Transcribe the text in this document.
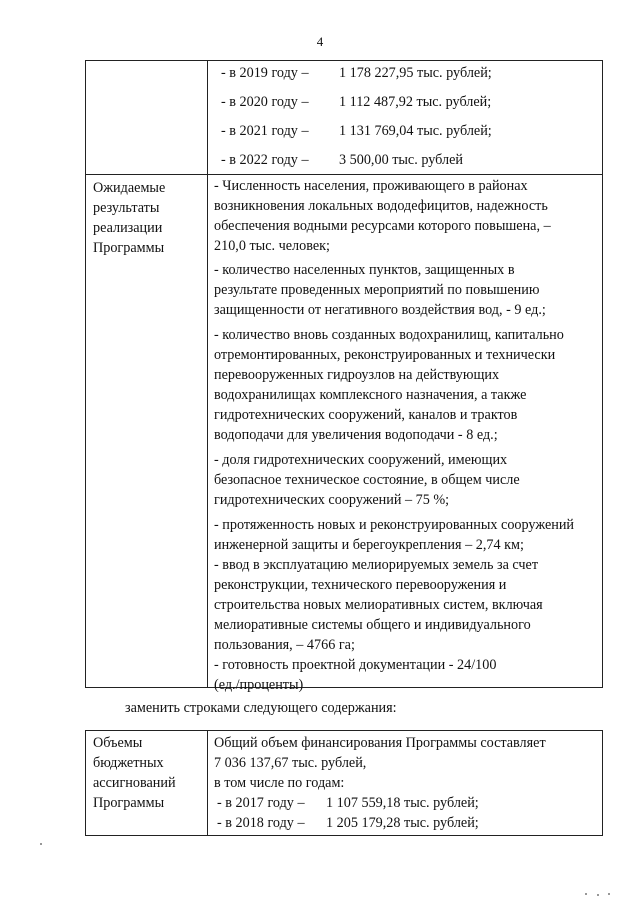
4
- в 2019 году – 1 178 227,95 тыс. рублей;
- в 2020 году – 1 112 487,92 тыс. рублей;
- в 2021 году – 1 131 769,04 тыс. рублей;
- в 2022 году – 3 500,00 тыс. рублей
Ожидаемые
результаты
реализации
Программы
- Численность населения, проживающего в районах
возникновения локальных вододефицитов, надежность
обеспечения водными ресурсами которого повышена, –
210,0 тыс. человек;
- количество населенных пунктов, защищенных в
результате проведенных мероприятий по повышению
защищенности от негативного воздействия вод, - 9 ед.;
- количество вновь созданных водохранилищ, капитально
отремонтированных, реконструированных и технически
перевооруженных гидроузлов на действующих
водохранилищах комплексного назначения, а также
гидротехнических сооружений, каналов и трактов
водоподачи для увеличения водоподачи - 8 ед.;
- доля гидротехнических сооружений, имеющих
безопасное техническое состояние, в общем числе
гидротехнических сооружений – 75 %;
- протяженность новых и реконструированных сооружений
инженерной защиты и берегоукрепления – 2,74 км;
- ввод в эксплуатацию мелиорируемых земель за счет
реконструкции, технического перевооружения и
строительства новых мелиоративных систем, включая
мелиоративные системы общего и индивидуального
пользования, – 4766 га;
- готовность проектной документации - 24/100
(ед./проценты)
заменить строками следующего содержания:
Объемы
бюджетных
ассигнований
Программы
Общий объем финансирования Программы составляет
7 036 137,67 тыс. рублей,
в том числе по годам:
- в 2017 году – 1 107 559,18 тыс. рублей;
- в 2018 году – 1 205 179,28 тыс. рублей;
